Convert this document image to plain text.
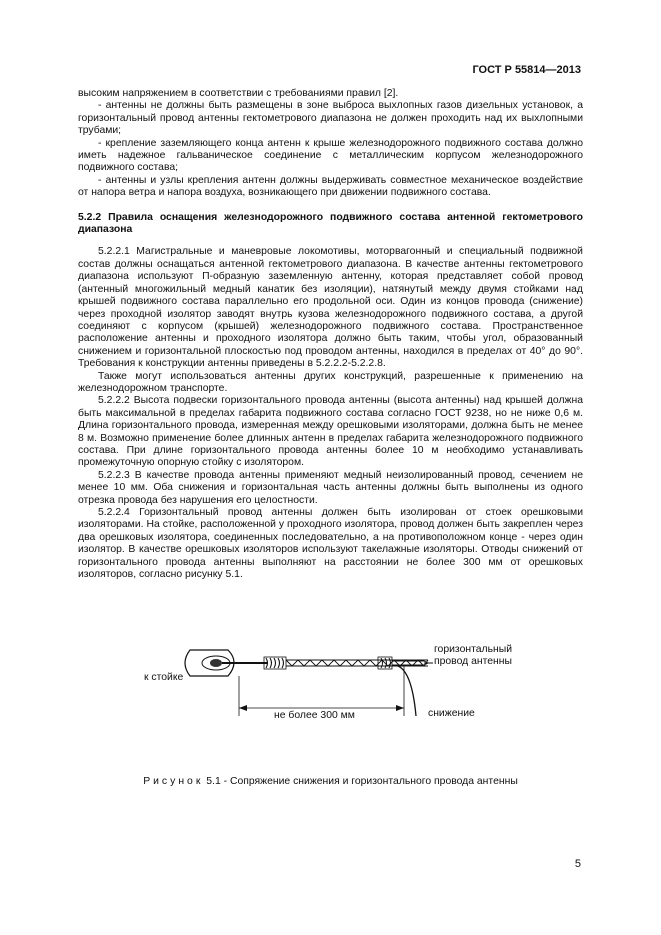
ГОСТ Р 55814—2013

высоким напряжением в соответствии с требованиями правил [2].

- антенны не должны быть размещены в зоне выброса выхлопных газов дизельных установок, а горизонтальный провод антенны гектометрового диапазона не должен проходить над их выхлопными трубами;

- крепление заземляющего конца антенн к крыше железнодорожного подвижного состава должно иметь надежное гальваническое соединение с металлическим корпусом железнодорожного подвижного состава;

- антенны и узлы крепления антенн должны выдерживать совместное механическое воздействие от напора ветра и напора воздуха, возникающего при движении подвижного состава.

5.2.2 Правила оснащения железнодорожного подвижного состава антенной гектометрового диапазона

5.2.2.1 Магистральные и маневровые локомотивы, моторвагонный и специальный подвижной состав должны оснащаться антенной гектометрового диапазона. В качестве антенны гектометрового диапазона используют П-образную заземленную антенну, которая представляет собой провод (антенный многожильный медный канатик без изоляции), натянутый между двумя стойками над крышей подвижного состава параллельно его продольной оси. Один из концов провода (снижение) через проходной изолятор заводят внутрь кузова железнодорожного подвижного состава, а другой соединяют с корпусом (крышей) железнодорожного подвижного состава. Пространственное расположение антенны и проходного изолятора должно быть таким, чтобы угол, образованный снижением и горизонтальной плоскостью под проводом антенны, находился в пределах от 40° до 90°. Требования к конструкции антенны приведены в 5.2.2.2-5.2.2.8.

Также могут использоваться антенны других конструкций, разрешенные к применению на железнодорожном транспорте.

5.2.2.2 Высота подвески горизонтального провода антенны (высота антенны) над крышей должна быть максимальной в пределах габарита подвижного состава согласно ГОСТ 9238, но не ниже 0,6 м. Длина горизонтального провода, измеренная между орешковыми изоляторами, должна быть не менее 8 м. Возможно применение более длинных антенн в пределах габарита железнодорожного подвижного состава. При длине горизонтального провода антенны более 10 м необходимо устанавливать промежуточную опорную стойку с изолятором.

5.2.2.3 В качестве провода антенны применяют медный неизолированный провод, сечением не менее 10 мм. Оба снижения и горизонтальная часть антенны должны быть выполнены из одного отрезка провода без нарушения его целостности.

5.2.2.4 Горизонтальный провод антенны должен быть изолирован от стоек орешковыми изоляторами. На стойке, расположенной у проходного изолятора, провод должен быть закреплен через два орешковых изолятора, соединенных последовательно, а на противоположном конце - через один изолятор. В качестве орешковых изоляторов используют такелажные изоляторы. Отводы снижений от горизонтального провода антенны выполняют на расстоянии не более 300 мм от орешковых изоляторов, согласно рисунку 5.1.

к стойке
горизонтальный провод антенны
не более 300 мм	снижение
Рисунок 5.1 - Сопряжение снижения и горизонтального провода антенны
5
